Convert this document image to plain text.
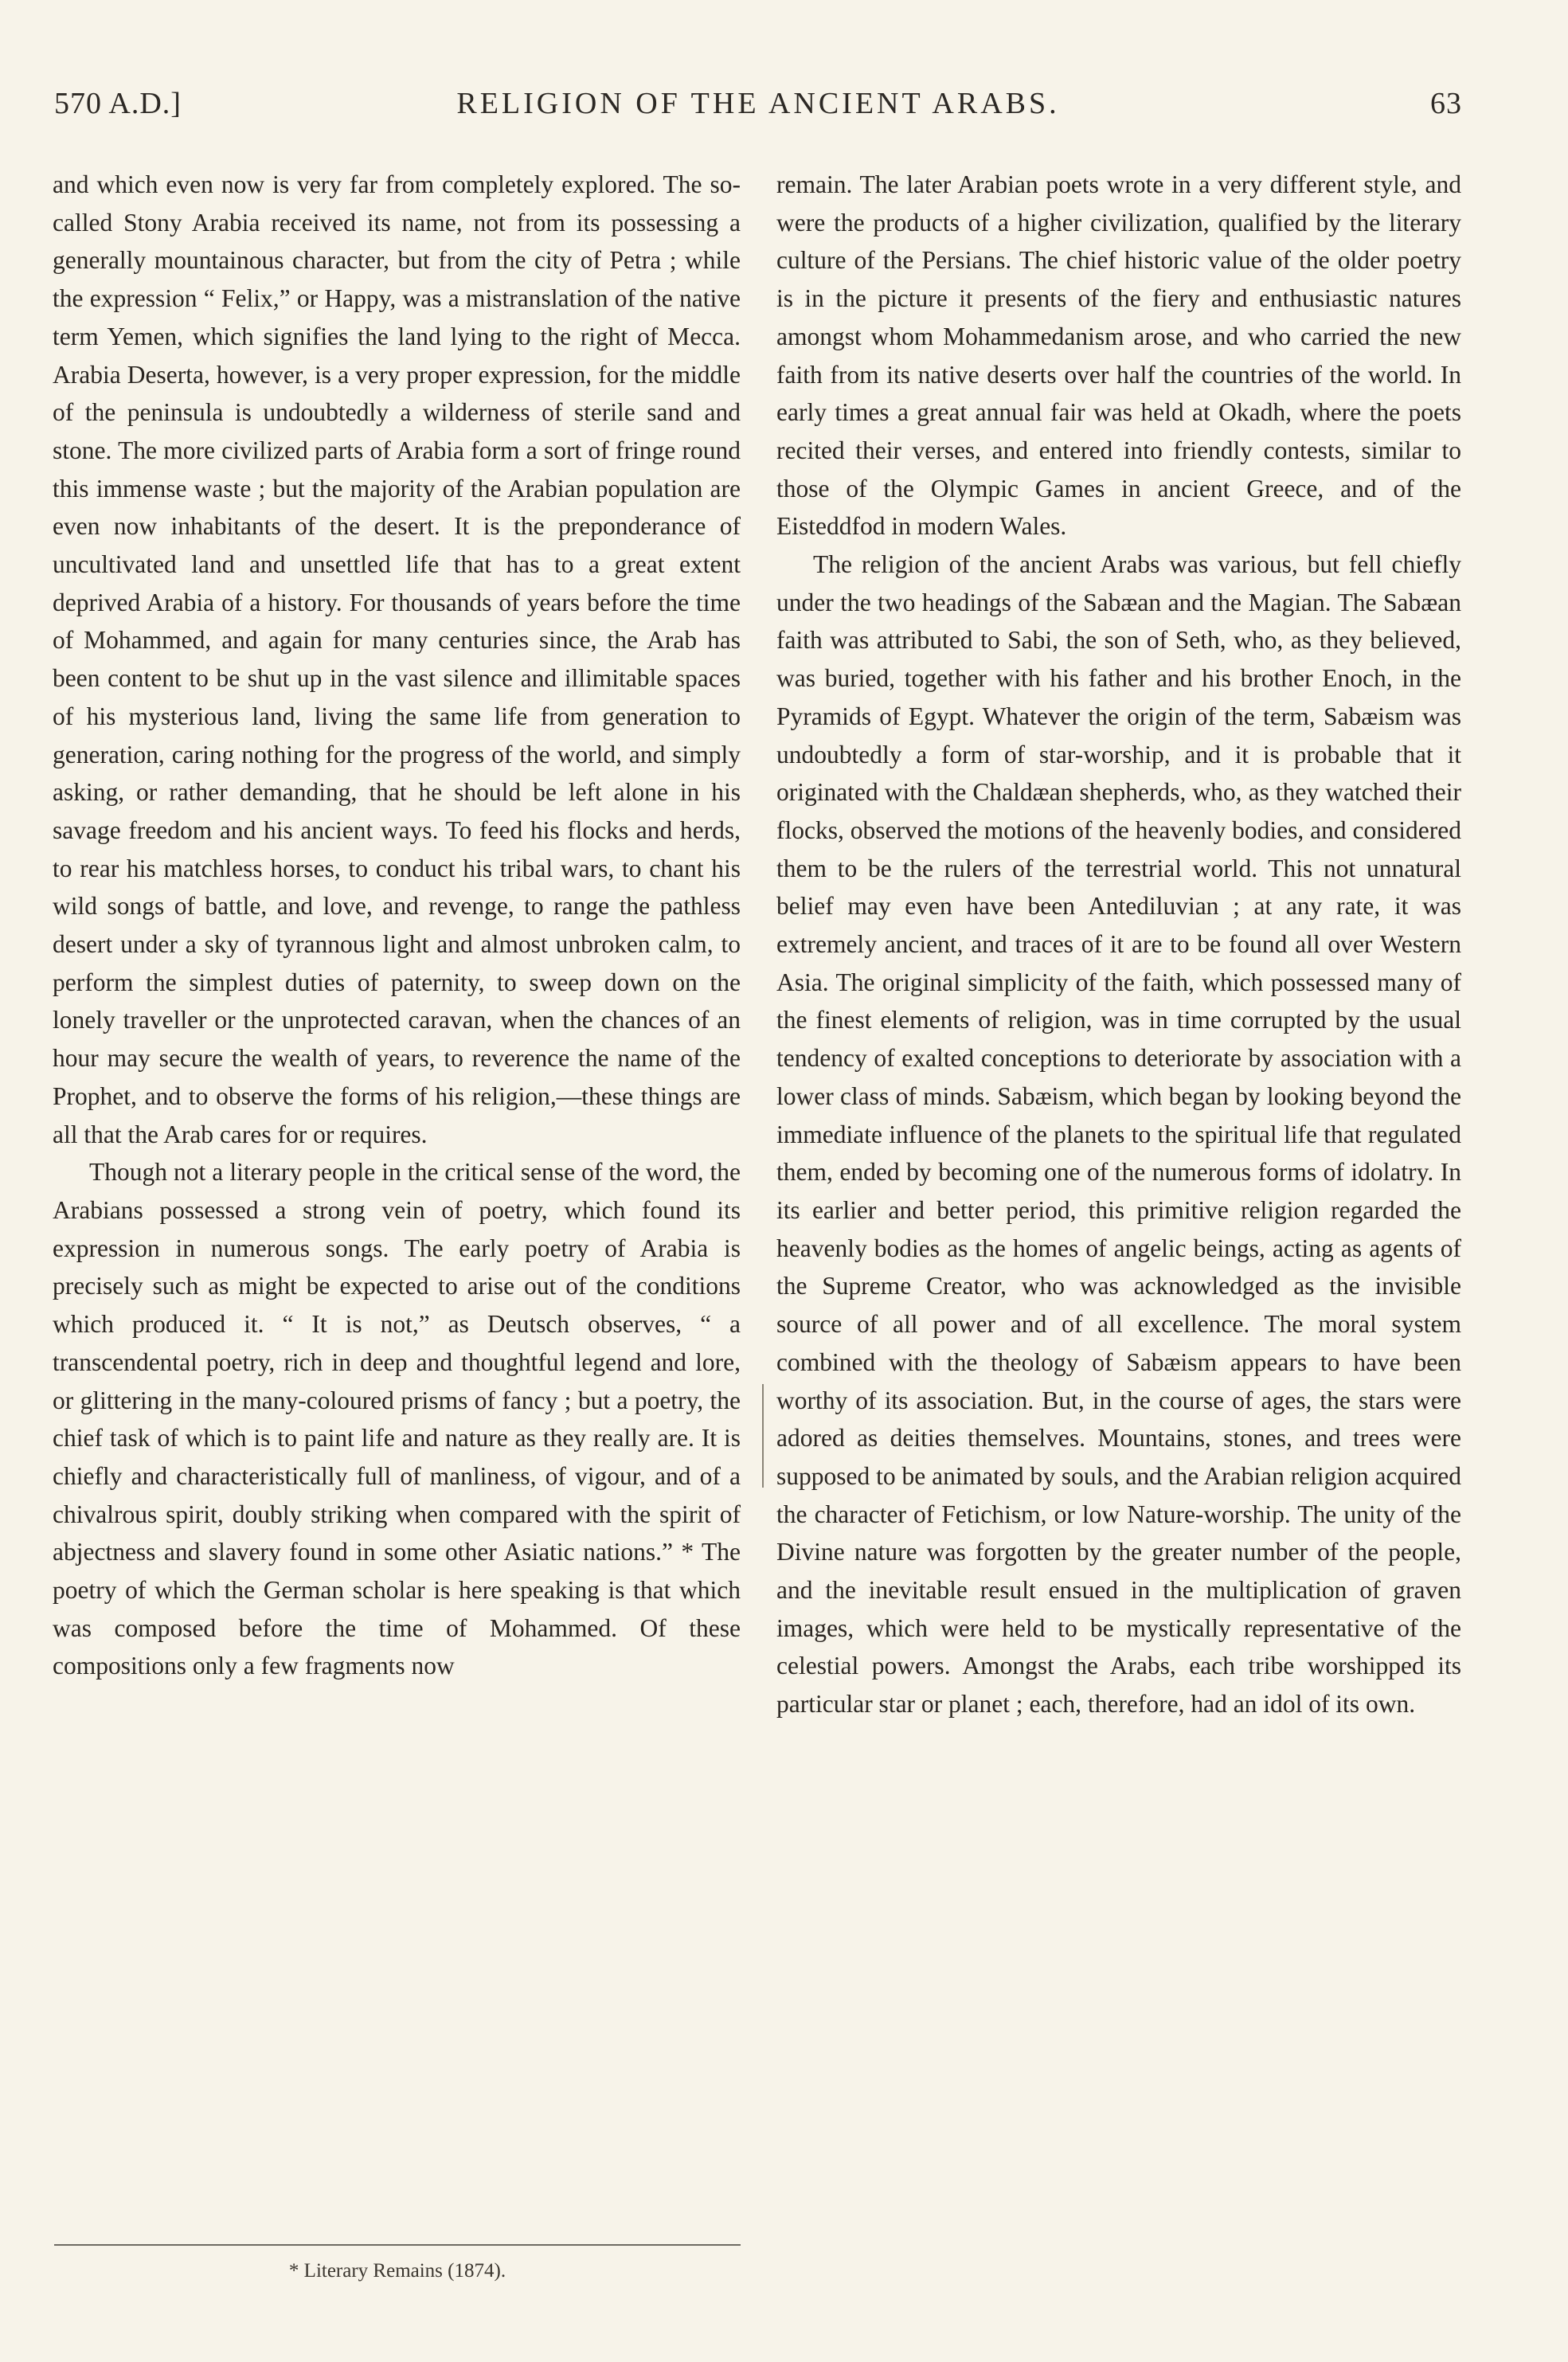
570 A.D.]	RELIGION OF THE ANCIENT ARABS.	63

and which even now is very far from completely explored. The so-called Stony Arabia received its name, not from its possessing a generally mountainous character, but from the city of Petra ; while the expression “ Felix,” or Happy, was a mistranslation of the native term Yemen, which signifies the land lying to the right of Mecca. Arabia Deserta, however, is a very proper expression, for the middle of the peninsula is undoubtedly a wilderness of sterile sand and stone. The more civilized parts of Arabia form a sort of fringe round this immense waste ; but the majority of the Arabian population are even now inhabitants of the desert. It is the preponderance of uncultivated land and unsettled life that has to a great extent deprived Arabia of a history. For thousands of years before the time of Mohammed, and again for many centuries since, the Arab has been content to be shut up in the vast silence and illimitable spaces of his mysterious land, living the same life from generation to generation, caring nothing for the progress of the world, and simply asking, or rather demanding, that he should be left alone in his savage freedom and his ancient ways. To feed his flocks and herds, to rear his matchless horses, to conduct his tribal wars, to chant his wild songs of battle, and love, and revenge, to range the pathless desert under a sky of tyrannous light and almost unbroken calm, to perform the simplest duties of paternity, to sweep down on the lonely traveller or the unprotected caravan, when the chances of an hour may secure the wealth of years, to reverence the name of the Prophet, and to observe the forms of his religion,—these things are all that the Arab cares for or requires.

Though not a literary people in the critical sense of the word, the Arabians possessed a strong vein of poetry, which found its expression in numerous songs. The early poetry of Arabia is precisely such as might be expected to arise out of the conditions which produced it. “ It is not,” as Deutsch observes, “ a transcendental poetry, rich in deep and thoughtful legend and lore, or glittering in the many-coloured prisms of fancy ; but a poetry, the chief task of which is to paint life and nature as they really are. It is chiefly and characteristically full of manliness, of vigour, and of a chivalrous spirit, doubly striking when compared with the spirit of abjectness and slavery found in some other Asiatic nations.” * The poetry of which the German scholar is here speaking is that which was composed before the time of Mohammed. Of these compositions only a few fragments now

remain. The later Arabian poets wrote in a very different style, and were the products of a higher civilization, qualified by the literary culture of the Persians. The chief historic value of the older poetry is in the picture it presents of the fiery and enthusiastic natures amongst whom Mohammedanism arose, and who carried the new faith from its native deserts over half the countries of the world. In early times a great annual fair was held at Okadh, where the poets recited their verses, and entered into friendly contests, similar to those of the Olympic Games in ancient Greece, and of the Eisteddfod in modern Wales.

The religion of the ancient Arabs was various, but fell chiefly under the two headings of the Sabæan and the Magian. The Sabæan faith was attributed to Sabi, the son of Seth, who, as they believed, was buried, together with his father and his brother Enoch, in the Pyramids of Egypt. Whatever the origin of the term, Sabæism was undoubtedly a form of star-worship, and it is probable that it originated with the Chaldæan shepherds, who, as they watched their flocks, observed the motions of the heavenly bodies, and considered them to be the rulers of the terrestrial world. This not unnatural belief may even have been Antediluvian ; at any rate, it was extremely ancient, and traces of it are to be found all over Western Asia. The original simplicity of the faith, which possessed many of the finest elements of religion, was in time corrupted by the usual tendency of exalted conceptions to deteriorate by association with a lower class of minds. Sabæism, which began by looking beyond the immediate influence of the planets to the spiritual life that regulated them, ended by becoming one of the numerous forms of idolatry. In its earlier and better period, this primitive religion regarded the heavenly bodies as the homes of angelic beings, acting as agents of the Supreme Creator, who was acknowledged as the invisible source of all power and of all excellence. The moral system combined with the theology of Sabæism appears to have been worthy of its association. But, in the course of ages, the stars were adored as deities themselves. Mountains, stones, and trees were supposed to be animated by souls, and the Arabian religion acquired the character of Fetichism, or low Nature-worship. The unity of the Divine nature was forgotten by the greater number of the people, and the inevitable result ensued in the multiplication of graven images, which were held to be mystically representative of the celestial powers. Amongst the Arabs, each tribe worshipped its particular star or planet ; each, therefore, had an idol of its own.

* Literary Remains (1874).
